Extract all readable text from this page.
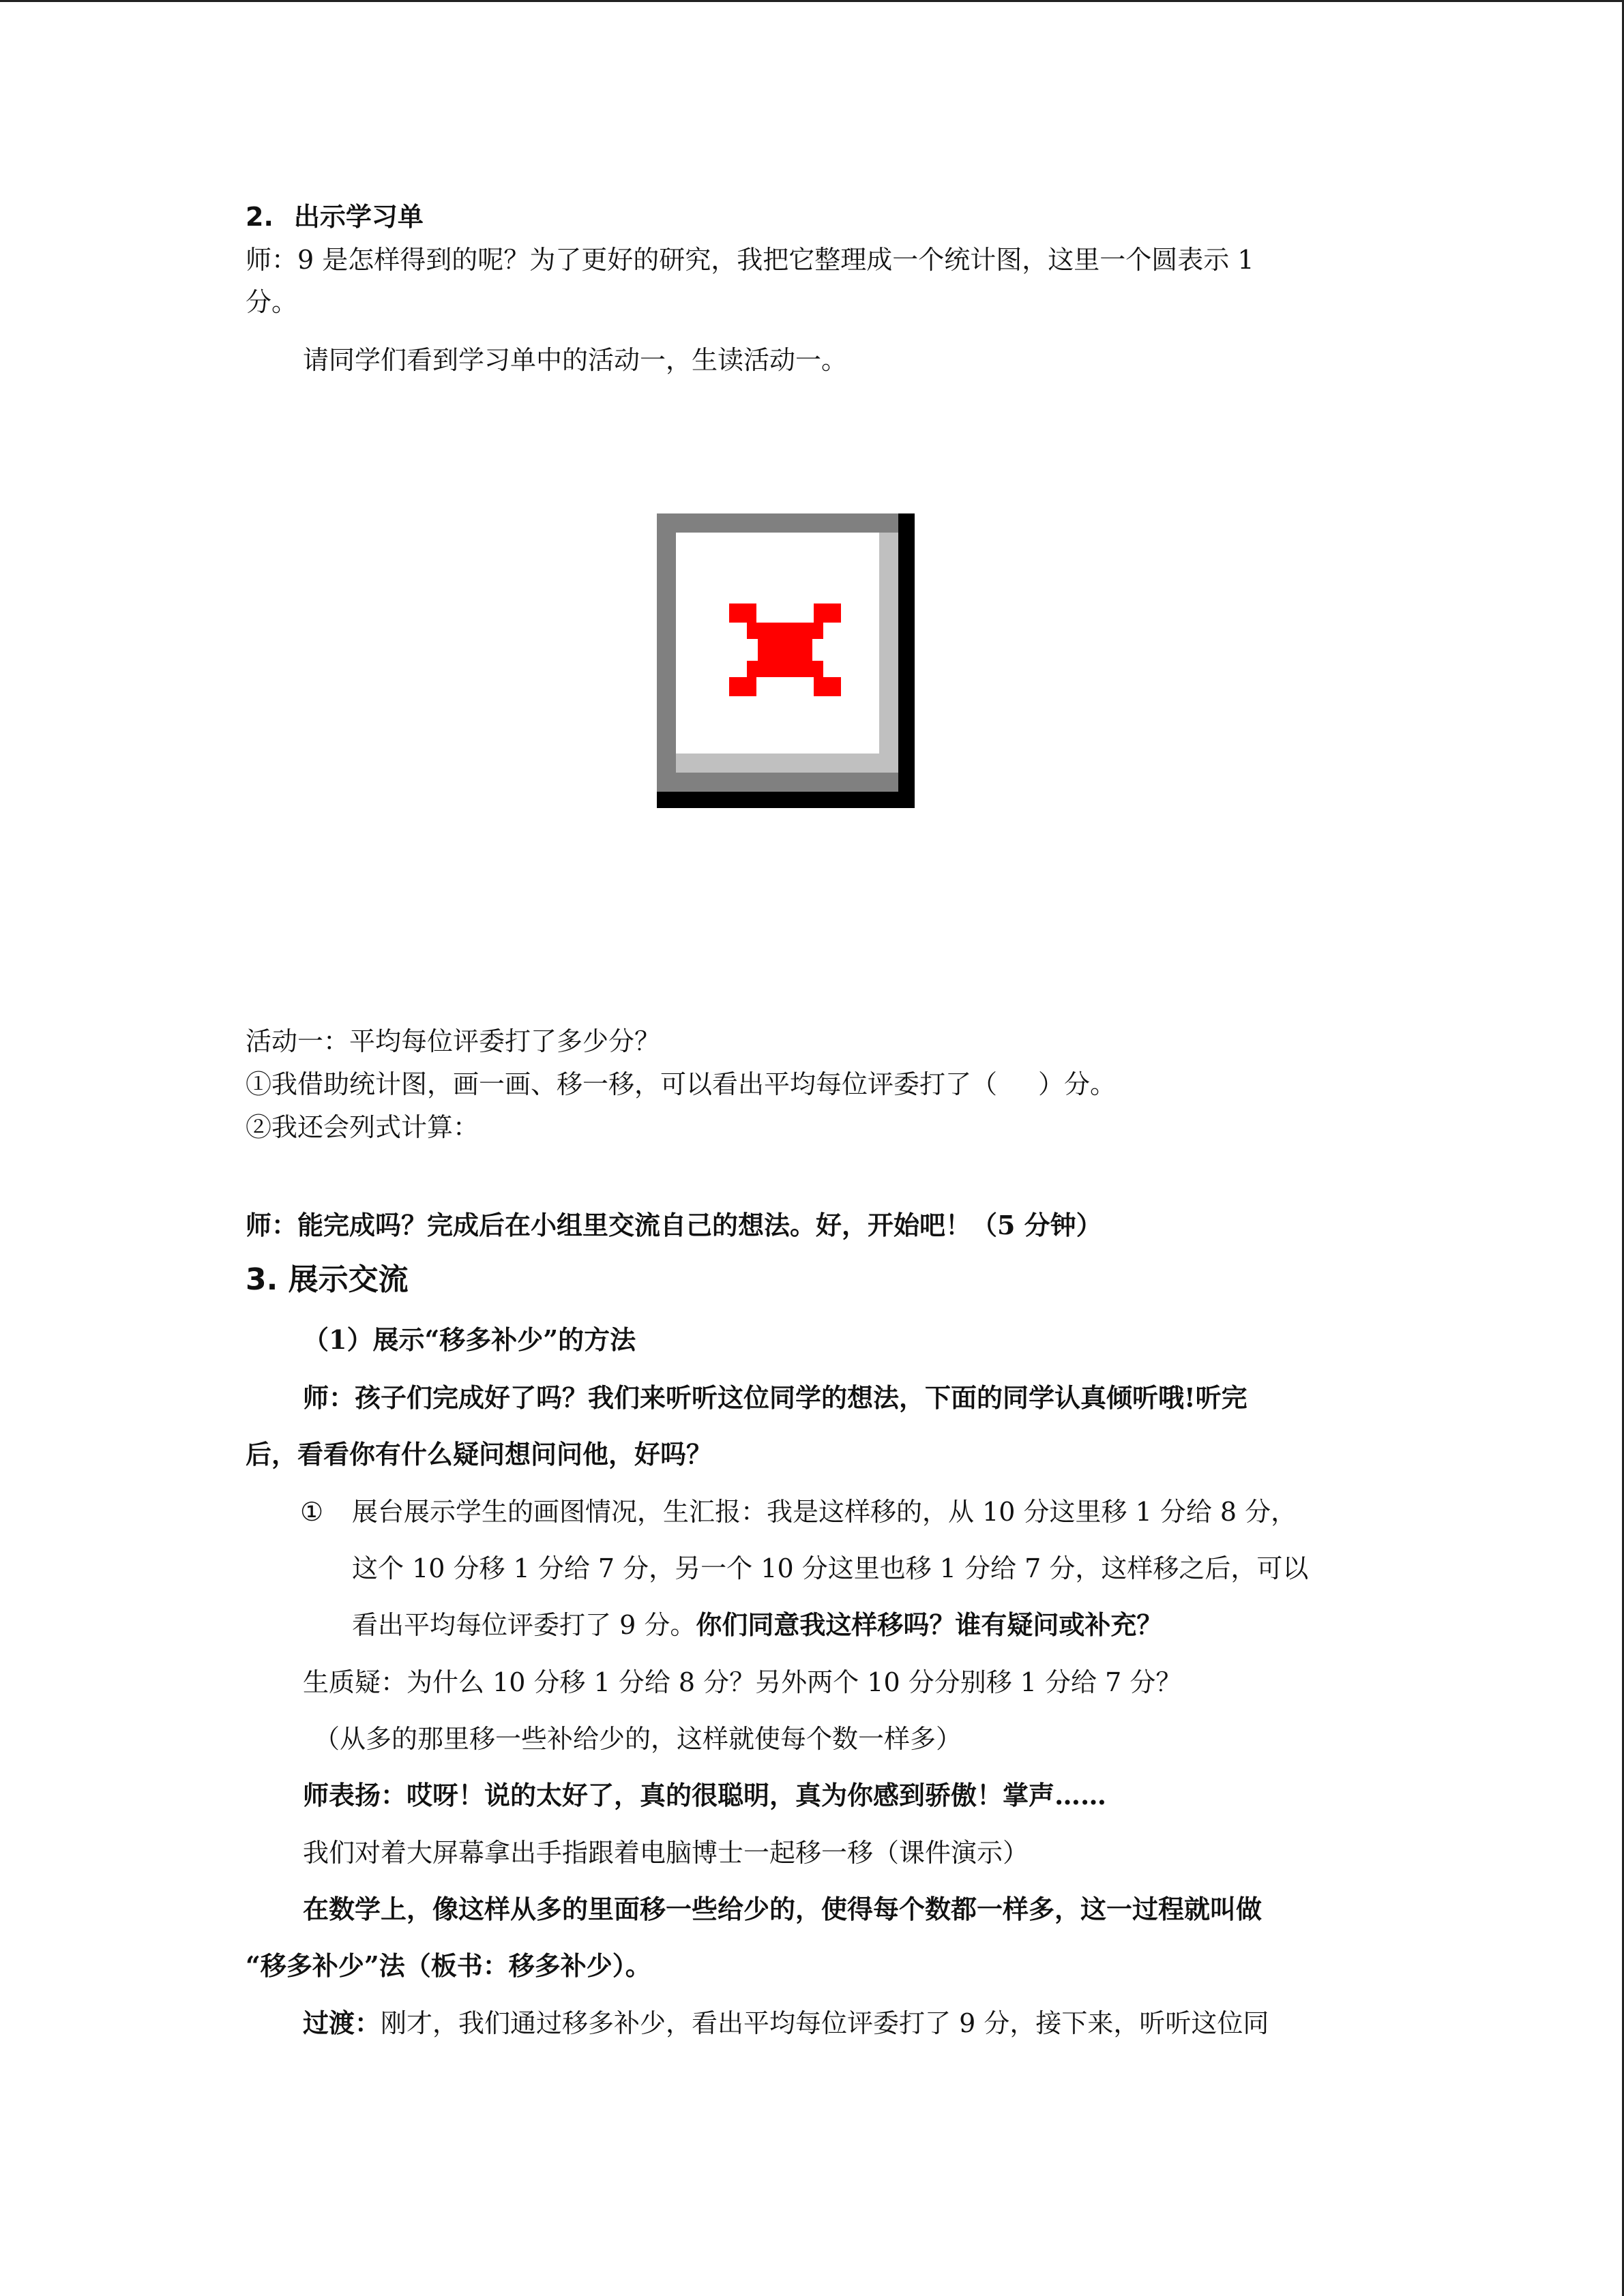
2. 出示学习单
师：9 是怎样得到的呢？为了更好的研究，我把它整理成一个统计图，这里一个圆表示 1
分。
请同学们看到学习单中的活动一，生读活动一。
活动一：平均每位评委打了多少分？
①我借助统计图，画一画、移一移，可以看出平均每位评委打了（ ）分。
②我还会列式计算：
师：能完成吗？完成后在小组里交流自己的想法。好，开始吧！（5 分钟）
3. 展示交流
（1）展示“移多补少”的方法
师：孩子们完成好了吗？我们来听听这位同学的想法，下面的同学认真倾听哦!听完
后，看看你有什么疑问想问问他，好吗？
① 展台展示学生的画图情况，生汇报：我是这样移的，从 10 分这里移 1 分给 8 分，
这个 10 分移 1 分给 7 分，另一个 10 分这里也移 1 分给 7 分，这样移之后，可以
看出平均每位评委打了 9 分。你们同意我这样移吗？谁有疑问或补充？
生质疑：为什么 10 分移 1 分给 8 分？另外两个 10 分分别移 1 分给 7 分？
（从多的那里移一些补给少的，这样就使每个数一样多）
师表扬：哎呀！说的太好了，真的很聪明，真为你感到骄傲！掌声……
我们对着大屏幕拿出手指跟着电脑博士一起移一移（课件演示）
在数学上，像这样从多的里面移一些给少的，使得每个数都一样多，这一过程就叫做
“移多补少”法（板书：移多补少）。
过渡：刚才，我们通过移多补少，看出平均每位评委打了 9 分，接下来，听听这位同
